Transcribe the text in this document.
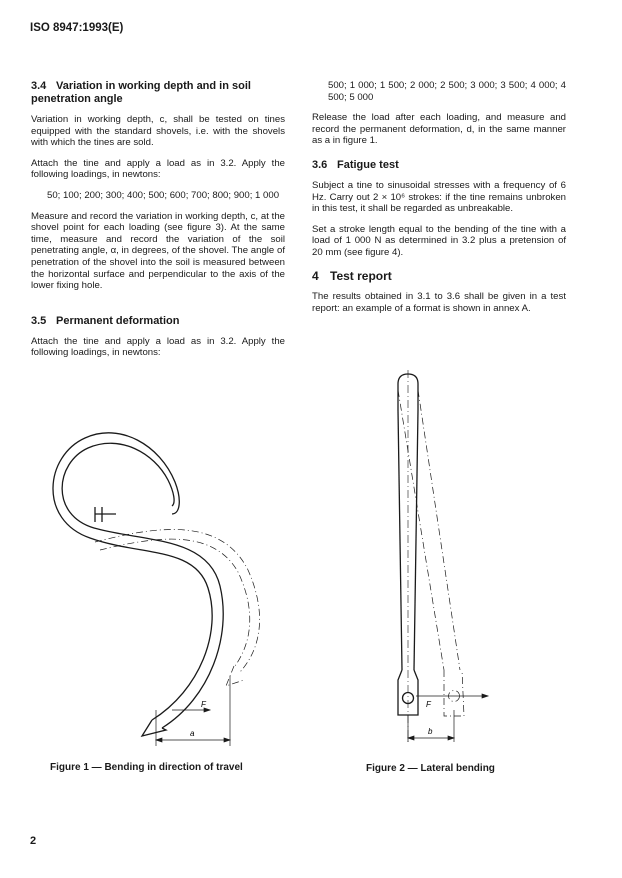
ISO 8947:1993(E)
3.4 Variation in working depth and in soil penetration angle

Variation in working depth, c, shall be tested on tines equipped with the standard shovels, i.e. with the shovels with which the tines are sold.

Attach the tine and apply a load as in 3.2. Apply the following loadings, in newtons:

50; 100; 200; 300; 400; 500; 600; 700; 800; 900; 1 000

Measure and record the variation in working depth, c, at the shovel point for each loading (see figure 3). At the same time, measure and record the variation of the soil penetrating angle, α, in degrees, of the shovel. The angle of penetration of the shovel into the soil is measured between the horizontal surface and perpendicular to the axis of the lower fixing hole.

3.5 Permanent deformation

Attach the tine and apply a load as in 3.2. Apply the following loadings, in newtons:

500; 1 000; 1 500; 2 000; 2 500; 3 000; 3 500; 4 000; 4 500; 5 000

Release the load after each loading, and measure and record the permanent deformation, d, in the same manner as a in figure 1.

3.6 Fatigue test

Subject a tine to sinusoidal stresses with a frequency of 6 Hz. Carry out 2 × 10⁶ strokes: if the tine remains unbroken in this test, it shall be regarded as unbreakable.

Set a stroke length equal to the bending of the tine with a load of 1 000 N as determined in 3.2 plus a pretension of 20 mm (see figure 4).

4 Test report

The results obtained in 3.1 to 3.6 shall be given in a test report: an example of a format is shown in annex A.

a
F
Figure 1 — Bending in direction of travel
b
F
Figure 2 — Lateral bending
2
